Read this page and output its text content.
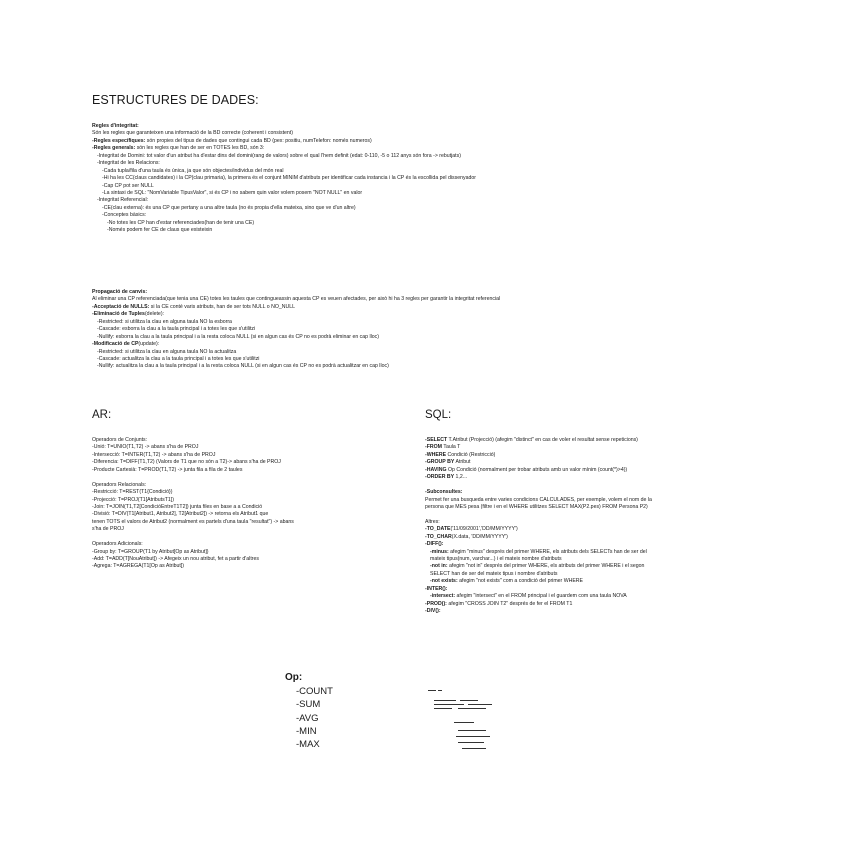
ESTRUCTURES DE DADES:
Regles d'integritat:
Són les regles que garanteixen una informació de la BD correcte (coherent i consistent)
-Regles específiques: són propies del tipus de dades que contingui cada BD (pex: positiu, numTelefon: només numeros)
-Regles generals: són les regles que han de ser en TOTES les BD, són 3:
-Integritat de Domini: tot valor d'un atribut ha d'estar dins del domini(rang de valors) sobre el qual l'hem definit (edat: 0-110, -5 o 112 anys són fora -> rebutjats)
-Integritat de les Relacions:
-Cada tupla/fila d'una taula és única, ja que són objectes/individus del món real
-Hi ha les CC(claus candidates) i la CP(clau primaria), la primera és el conjunt MÍNIM d'atributs per identificar cada instancia i la CP és la escollida pel dissenyador
-Cap CP pot ser NULL
-La sintaxi de SQL: "NomVariable TipusValor", si és CP i no sabem quin valor volem posem "NOT NULL" en valor
-Integritat Referencial:
-CE(clau externa): és una CP que pertany a una altre taula (no és propia d'ella mateixa, sino que ve d'un altre)
-Conceptes bàsics:
-No totes les CP han d'estar referenciades(han de tenir una CE)
-Només podem fer CE de claus que existeixin
Propagació de canvis:
Al eliminar una CP referenciada(que tenia una CE) totes les taules que contingueassin aquesta CP es veuen afectades, per això hi ha 3 regles per garantir la integritat referencial
-Acceptació de NULLS: si la CE conté varis atributs, han de ser tots NULL o NO_NULL
-Eliminació de Tuples(delete):
-Restricted: si utilitza la clau en alguna taula NO la esborra
-Cascade: esborra la clau a la taula principal i a totes les que s'utilitzi
-Nullify: esborra la clau a la taula principal i a la resta coloca NULL (si en algun cas és CP no es podrà eliminar en cap lloc)
-Modificació de CP(update):
-Restricted: si utilitza la clau en alguna taula NO la actualitza
-Cascade: actualitza la clau a la taula principal i a totes les que s'utilitzi
-Nullify: actualitza la clau a la taula principal i a la resta coloca NULL (si en algun cas és CP no es podrà actualitzar en cap lloc)
AR:
Operadors de Conjunts:
-Unió: T=UNIÓ(T1,T2) -> abans s'ha de PROJ
-Intersecció: T=INTER(T1,T2) -> abans s'ha de PROJ
-Diferencia: T=DIFF(T1,T2) (Valors de T1 que no són a T2)-> abans s'ha de PROJ
-Producte Cartesià: T=PROD(T1,T2) -> junta fila a fila de 2 taules
Operadors Relacionals:
-Restricció: T=REST(T1{Condició})
-Projecció: T=PROJ(T1[AtributsT1])
-Join: T=JOIN(T1,T2[CondicióEntreT1T2]) junta files en base a a Condició
-Divisió: T=DIV(T1[Atribut1, Atribut2], T2[Atribut2]) -> retorna els Atribut1 que
tenen TOTS el valors de Atribut2 (normalment es partels d'una taula "resultat") -> abans
s'ha de PROJ
Operadors Adicionals:
-Group by: T=GROUP(T1 by Atribut[Op as Atribut])
-Add: T=ADD(T[NouAtribut]) -> Afegeix un nou atribut, fet a partir d'altres
-Agrega: T=AGREGA(T1[Op as Atribut])
SQL:
-SELECT T.Atribut (Projecció) (afegim "distinct" en cas de voler el resultat sense repeticions)
-FROM Taula T
-WHERE Condició (Restricció)
-GROUP BY Atribut
-HAVING Op Condició (normalment per trobar atributs amb un valor mínim (count(*)>4))
-ORDER BY 1,2...
-Subconsultes:
Permet fer una busqueda entre varies condicions CALCULADES, per exemple, volem el nom de la
persona que MÉS pesa (filtre i en el WHERE utilitzes SELECT MAX(P2.pes) FROM Persona P2)
Altres:
-TO_DATE('11/09/2001','DD/MM/YYYY')
-TO_CHAR(X.data, 'DD/MM/YYYY')
-DIFF():
-minus: afegim "minus" després del primer WHERE, els atributs dels SELECTs han de ser del
mateix tipus(num, varchar...) i el mateix nombre d'atributs
-not in: afegim "not in" després del primer WHERE, els atributs del primer WHERE i el segon
SELECT han de ser del mateix tipus i nombre d'atributs
-not exists: afegim "not exists" com a condició del primer WHERE
-INTER():
-intersect: afegim "intersect" en el FROM principal i el guardem com una taula NOVA
-PROD(): afegim "CROSS JOIN T2" després de fer el FROM T1
-DIV():
Op:
-COUNT
-SUM
-AVG
-MIN
-MAX
